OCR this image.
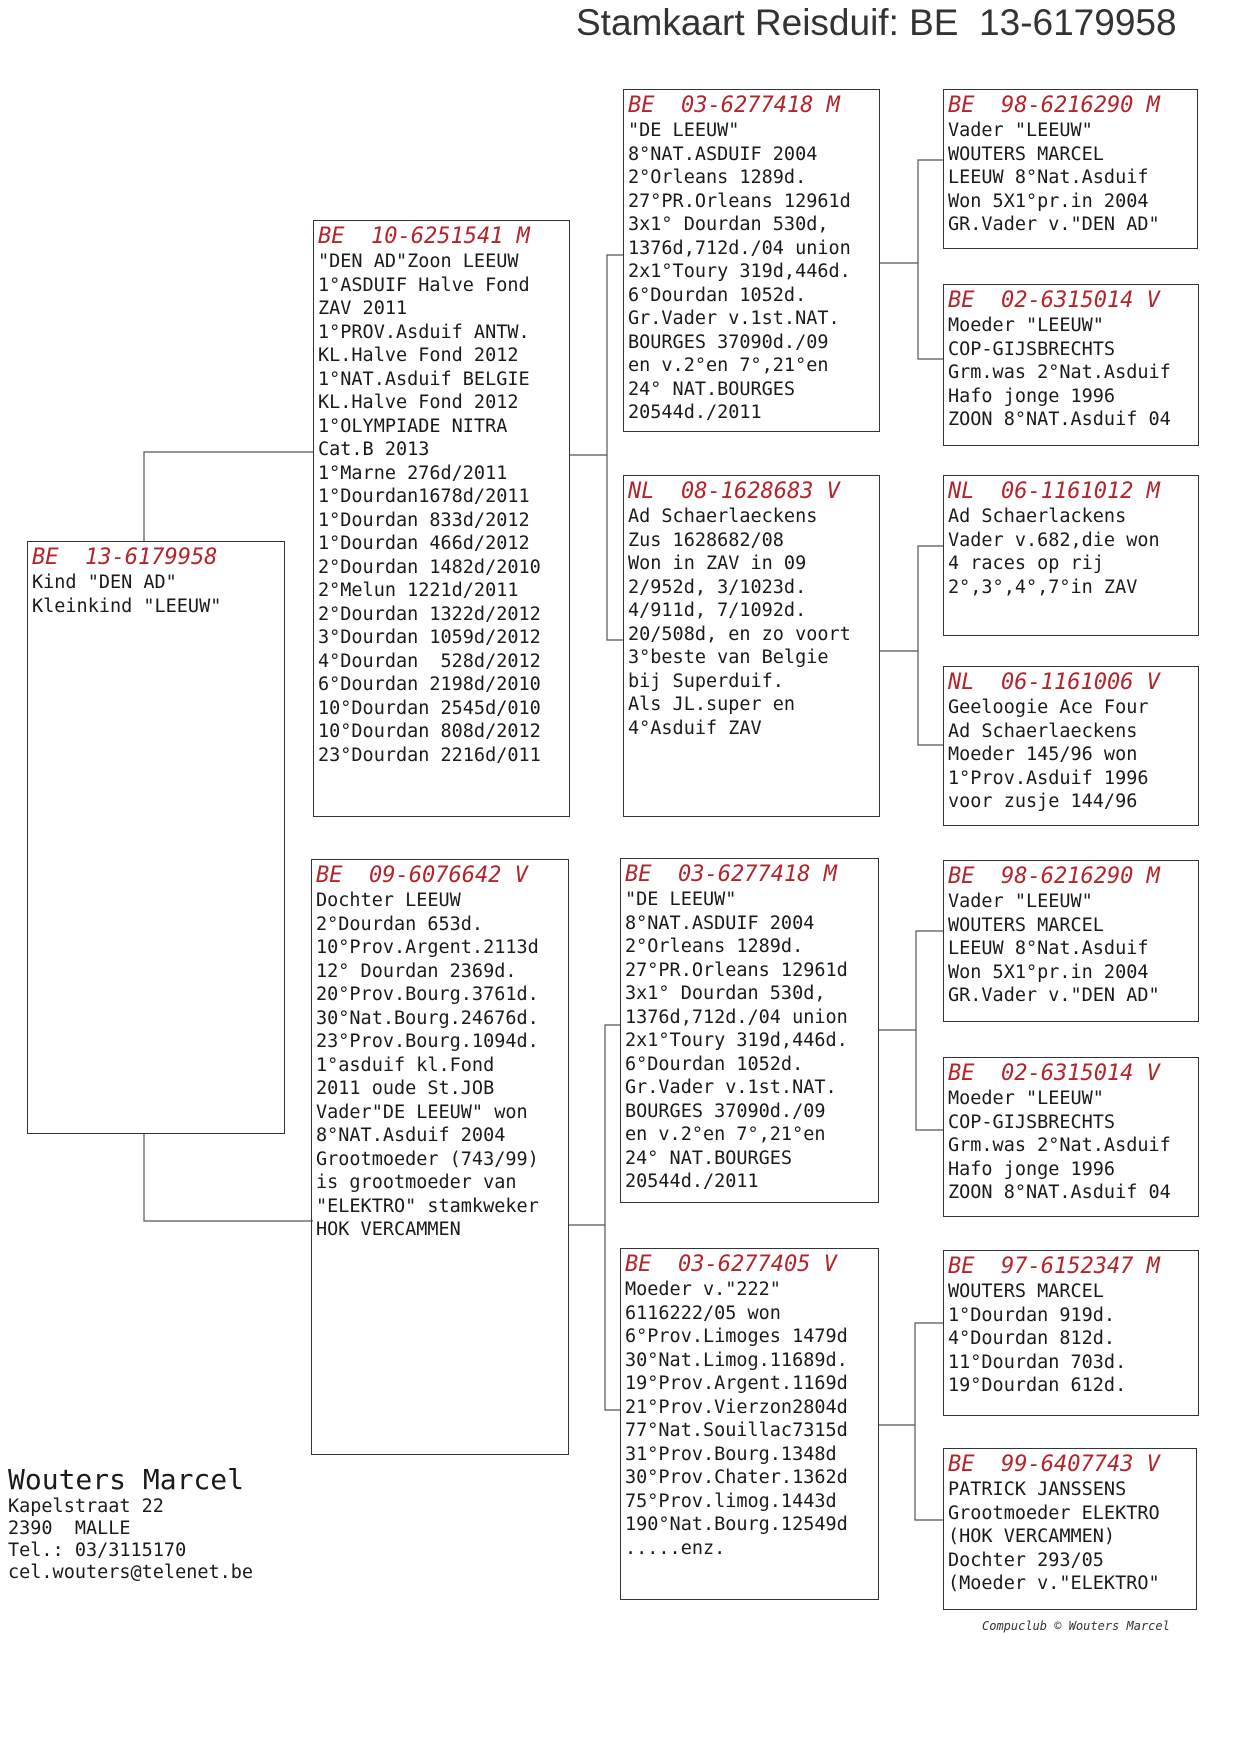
Stamkaart Reisduif: BE  13-6179958
BE  13-6179958
Kind "DEN AD"
Kleinkind "LEEUW"
BE  10-6251541 M
"DEN AD"Zoon LEEUW
1°ASDUIF Halve Fond
ZAV 2011
1°PROV.Asduif ANTW.
KL.Halve Fond 2012
1°NAT.Asduif BELGIE
KL.Halve Fond 2012
1°OLYMPIADE NITRA
Cat.B 2013
1°Marne 276d/2011
1°Dourdan1678d/2011
1°Dourdan 833d/2012
1°Dourdan 466d/2012
2°Dourdan 1482d/2010
2°Melun 1221d/2011
2°Dourdan 1322d/2012
3°Dourdan 1059d/2012
4°Dourdan  528d/2012
6°Dourdan 2198d/2010
10°Dourdan 2545d/010
10°Dourdan 808d/2012
23°Dourdan 2216d/011
BE  09-6076642 V
Dochter LEEUW
2°Dourdan 653d.
10°Prov.Argent.2113d
12° Dourdan 2369d.
20°Prov.Bourg.3761d.
30°Nat.Bourg.24676d.
23°Prov.Bourg.1094d.
1°asduif kl.Fond
2011 oude St.JOB
Vader"DE LEEUW" won
8°NAT.Asduif 2004
Grootmoeder (743/99)
is grootmoeder van
"ELEKTRO" stamkweker
HOK VERCAMMEN
BE  03-6277418 M
"DE LEEUW"
8°NAT.ASDUIF 2004
2°Orleans 1289d.
27°PR.Orleans 12961d
3x1° Dourdan 530d,
1376d,712d./04 union
2x1°Toury 319d,446d.
6°Dourdan 1052d.
Gr.Vader v.1st.NAT.
BOURGES 37090d./09
en v.2°en 7°,21°en
24° NAT.BOURGES
20544d./2011
NL  08-1628683 V
Ad Schaerlaeckens
Zus 1628682/08
Won in ZAV in 09
2/952d, 3/1023d.
4/911d, 7/1092d.
20/508d, en zo voort
3°beste van Belgie
bij Superduif.
Als JL.super en
4°Asduif ZAV
BE  03-6277418 M
"DE LEEUW"
8°NAT.ASDUIF 2004
2°Orleans 1289d.
27°PR.Orleans 12961d
3x1° Dourdan 530d,
1376d,712d./04 union
2x1°Toury 319d,446d.
6°Dourdan 1052d.
Gr.Vader v.1st.NAT.
BOURGES 37090d./09
en v.2°en 7°,21°en
24° NAT.BOURGES
20544d./2011
BE  03-6277405 V
Moeder v."222"
6116222/05 won
6°Prov.Limoges 1479d
30°Nat.Limog.11689d.
19°Prov.Argent.1169d
21°Prov.Vierzon2804d
77°Nat.Souillac7315d
31°Prov.Bourg.1348d
30°Prov.Chater.1362d
75°Prov.limog.1443d
190°Nat.Bourg.12549d
.....enz.
BE  98-6216290 M
Vader "LEEUW"
WOUTERS MARCEL
LEEUW 8°Nat.Asduif
Won 5X1°pr.in 2004
GR.Vader v."DEN AD"
BE  02-6315014 V
Moeder "LEEUW"
COP-GIJSBRECHTS
Grm.was 2°Nat.Asduif
Hafo jonge 1996
ZOON 8°NAT.Asduif 04
NL  06-1161012 M
Ad Schaerlackens
Vader v.682,die won
4 races op rij
2°,3°,4°,7°in ZAV
NL  06-1161006 V
Geeloogie Ace Four
Ad Schaerlaeckens
Moeder 145/96 won
1°Prov.Asduif 1996
voor zusje 144/96
BE  98-6216290 M
Vader "LEEUW"
WOUTERS MARCEL
LEEUW 8°Nat.Asduif
Won 5X1°pr.in 2004
GR.Vader v."DEN AD"
BE  02-6315014 V
Moeder "LEEUW"
COP-GIJSBRECHTS
Grm.was 2°Nat.Asduif
Hafo jonge 1996
ZOON 8°NAT.Asduif 04
BE  97-6152347 M
WOUTERS MARCEL
1°Dourdan 919d.
4°Dourdan 812d.
11°Dourdan 703d.
19°Dourdan 612d.
BE  99-6407743 V
PATRICK JANSSENS
Grootmoeder ELEKTRO
(HOK VERCAMMEN)
Dochter 293/05
(Moeder v."ELEKTRO"
Wouters Marcel
Kapelstraat 22
2390  MALLE
Tel.: 03/3115170
cel.wouters@telenet.be
Compuclub © Wouters Marcel
